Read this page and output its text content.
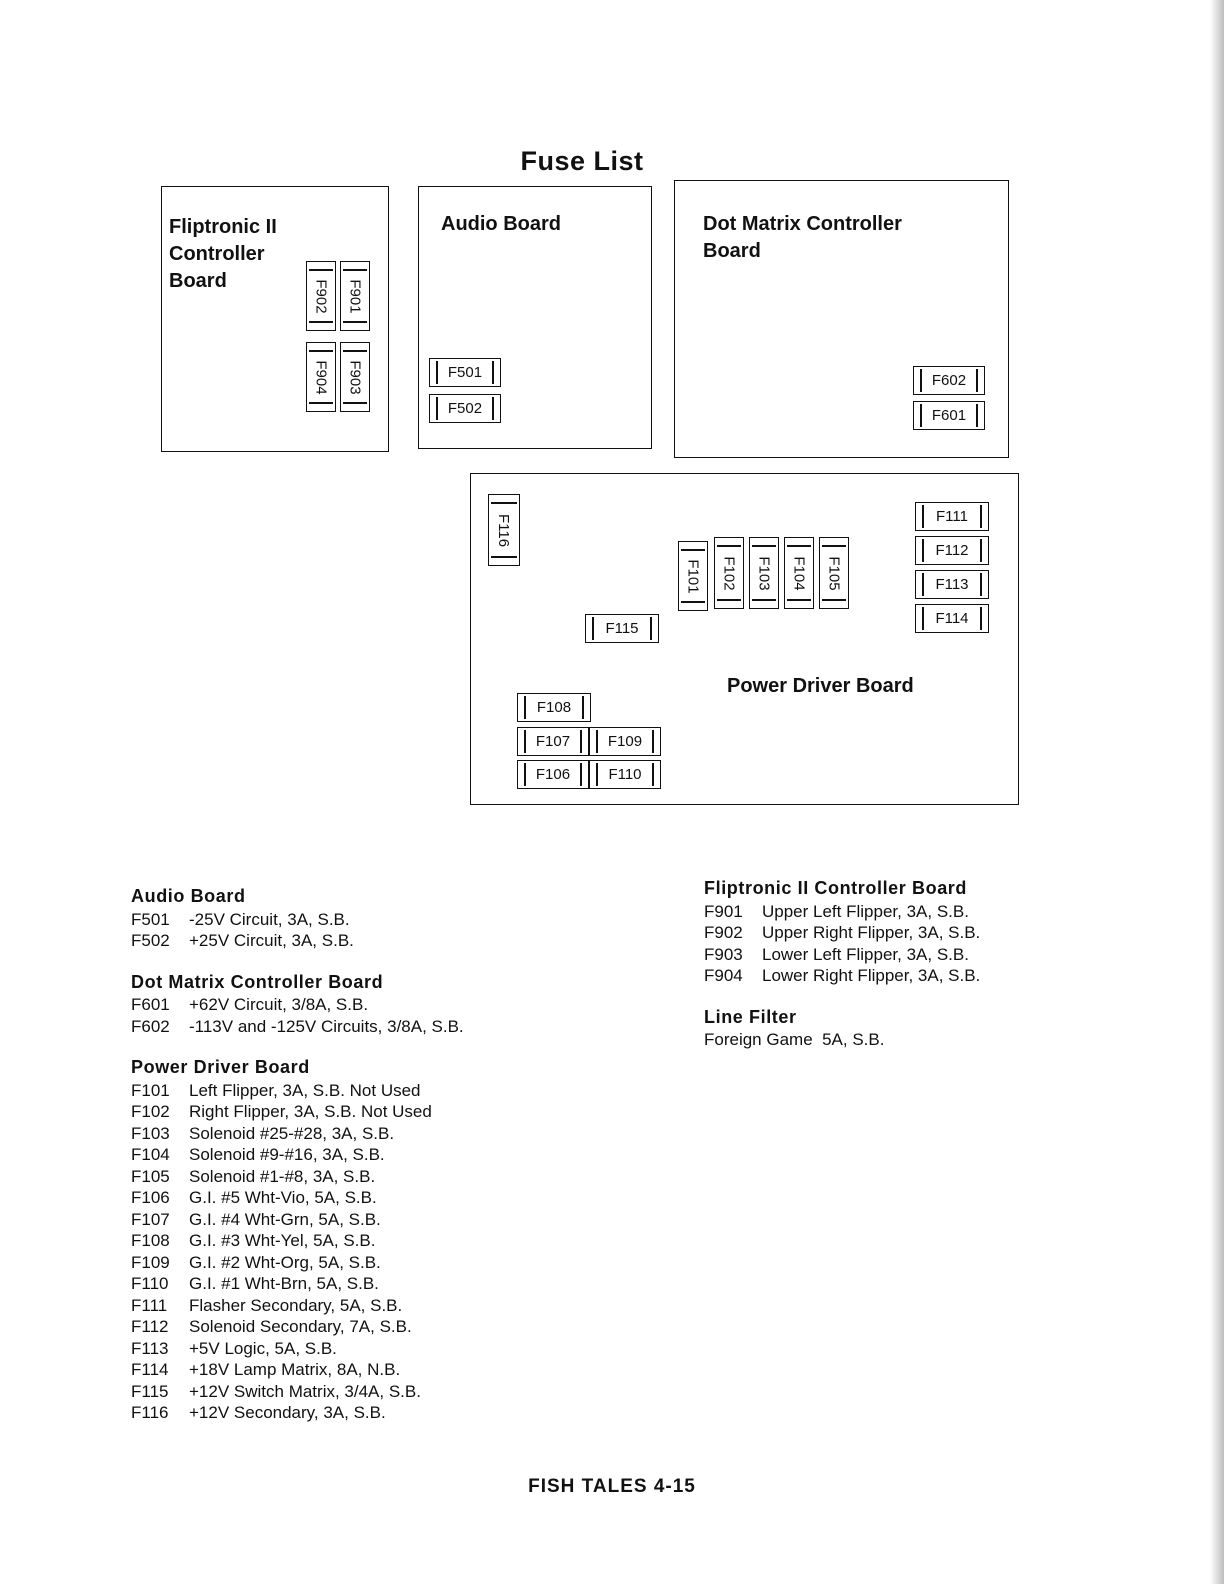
Fuse List
Fliptronic II
Controller
Board	F902 F901
F904 F903
Audio Board
F501
F502
Dot Matrix Controller
Board
F602
F601
Power Driver Board
F116
F101 F102 F103 F104 F105
F111
F112
F113
F114
F115
F108
F107	F109
F106	F110
Audio Board
F501 -25V Circuit, 3A, S.B.
F502 +25V Circuit, 3A, S.B.
Dot Matrix Controller Board
F601 +62V Circuit, 3/8A, S.B.
F602 -113V and -125V Circuits, 3/8A, S.B.
Power Driver Board
F101 Left Flipper, 3A, S.B. Not Used
F102 Right Flipper, 3A, S.B. Not Used
F103 Solenoid #25-#28, 3A, S.B.
F104 Solenoid #9-#16, 3A, S.B.
F105 Solenoid #1-#8, 3A, S.B.
F106 G.I. #5 Wht-Vio, 5A, S.B.
F107 G.I. #4 Wht-Grn, 5A, S.B.
F108 G.I. #3 Wht-Yel, 5A, S.B.
F109 G.I. #2 Wht-Org, 5A, S.B.
F110 G.I. #1 Wht-Brn, 5A, S.B.
F111 Flasher Secondary, 5A, S.B.
F112 Solenoid Secondary, 7A, S.B.
F113 +5V Logic, 5A, S.B.
F114 +18V Lamp Matrix, 8A, N.B.
F115 +12V Switch Matrix, 3/4A, S.B.
F116 +12V Secondary, 3A, S.B.
Fliptronic II Controller Board
F901 Upper Left Flipper, 3A, S.B.
F902 Upper Right Flipper, 3A, S.B.
F903 Lower Left Flipper, 3A, S.B.
F904 Lower Right Flipper, 3A, S.B.
Line Filter
Foreign Game  5A, S.B.
FISH TALES 4-15
